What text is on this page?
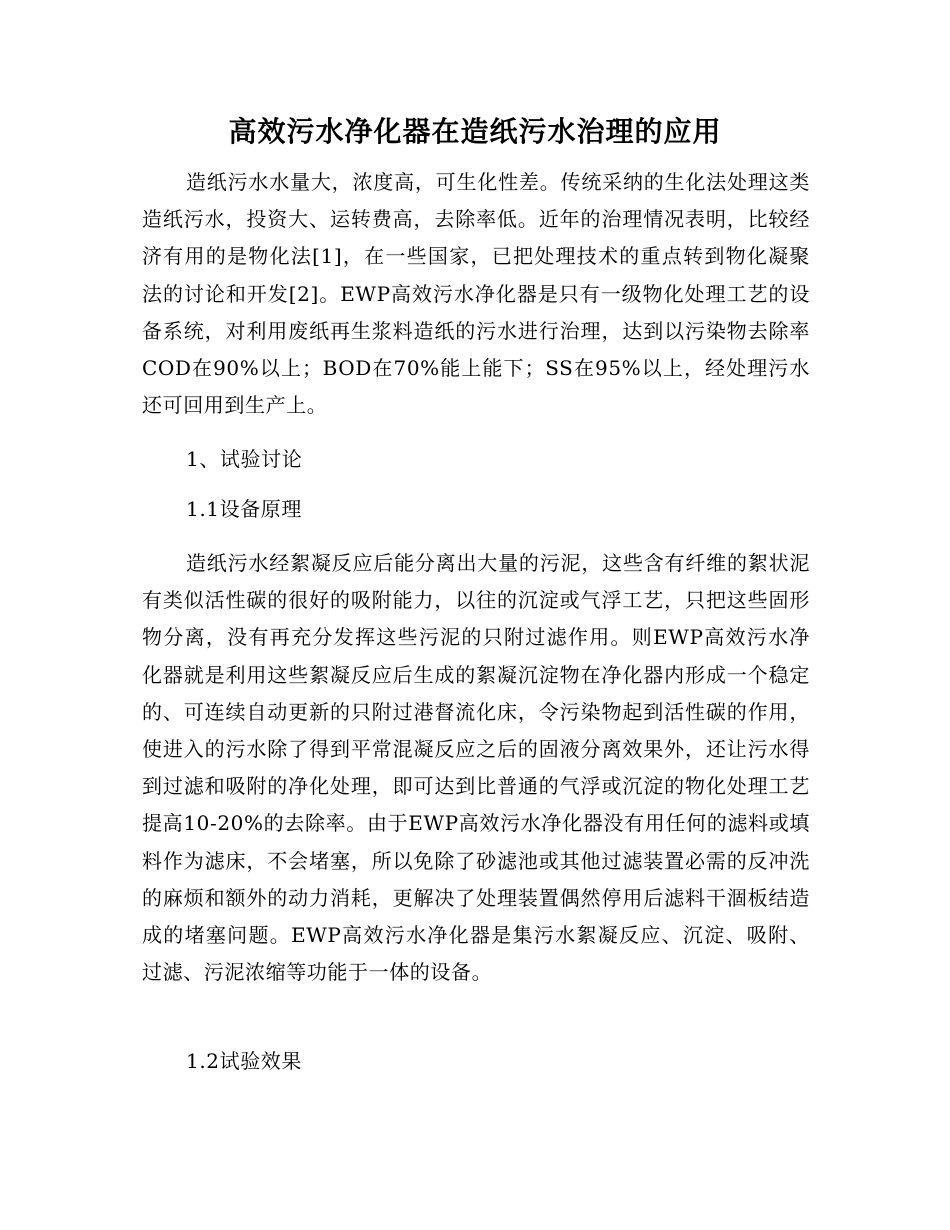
高效污水净化器在造纸污水治理的应用

造纸污水水量大，浓度高，可生化性差。传统采纳的生化法处理这类造纸污水，投资大、运转费高，去除率低。近年的治理情况表明，比较经济有用的是物化法[1]，在一些国家，已把处理技术的重点转到物化凝聚法的讨论和开发[2]。EWP高效污水净化器是只有一级物化处理工艺的设备系统，对利用废纸再生浆料造纸的污水进行治理，达到以污染物去除率COD在90%以上；BOD在70%能上能下；SS在95%以上，经处理污水还可回用到生产上。

1、试验讨论

1.1设备原理

造纸污水经絮凝反应后能分离出大量的污泥，这些含有纤维的絮状泥有类似活性碳的很好的吸附能力，以往的沉淀或气浮工艺，只把这些固形物分离，没有再充分发挥这些污泥的只附过滤作用。则EWP高效污水净化器就是利用这些絮凝反应后生成的絮凝沉淀物在净化器内形成一个稳定的、可连续自动更新的只附过港督流化床，令污染物起到活性碳的作用，使进入的污水除了得到平常混凝反应之后的固液分离效果外，还让污水得到过滤和吸附的净化处理，即可达到比普通的气浮或沉淀的物化处理工艺提高10-20%的去除率。由于EWP高效污水净化器没有用任何的滤料或填料作为滤床，不会堵塞，所以免除了砂滤池或其他过滤装置必需的反冲洗的麻烦和额外的动力消耗，更解决了处理装置偶然停用后滤料干涸板结造成的堵塞问题。EWP高效污水净化器是集污水絮凝反应、沉淀、吸附、过滤、污泥浓缩等功能于一体的设备。

1.2试验效果
